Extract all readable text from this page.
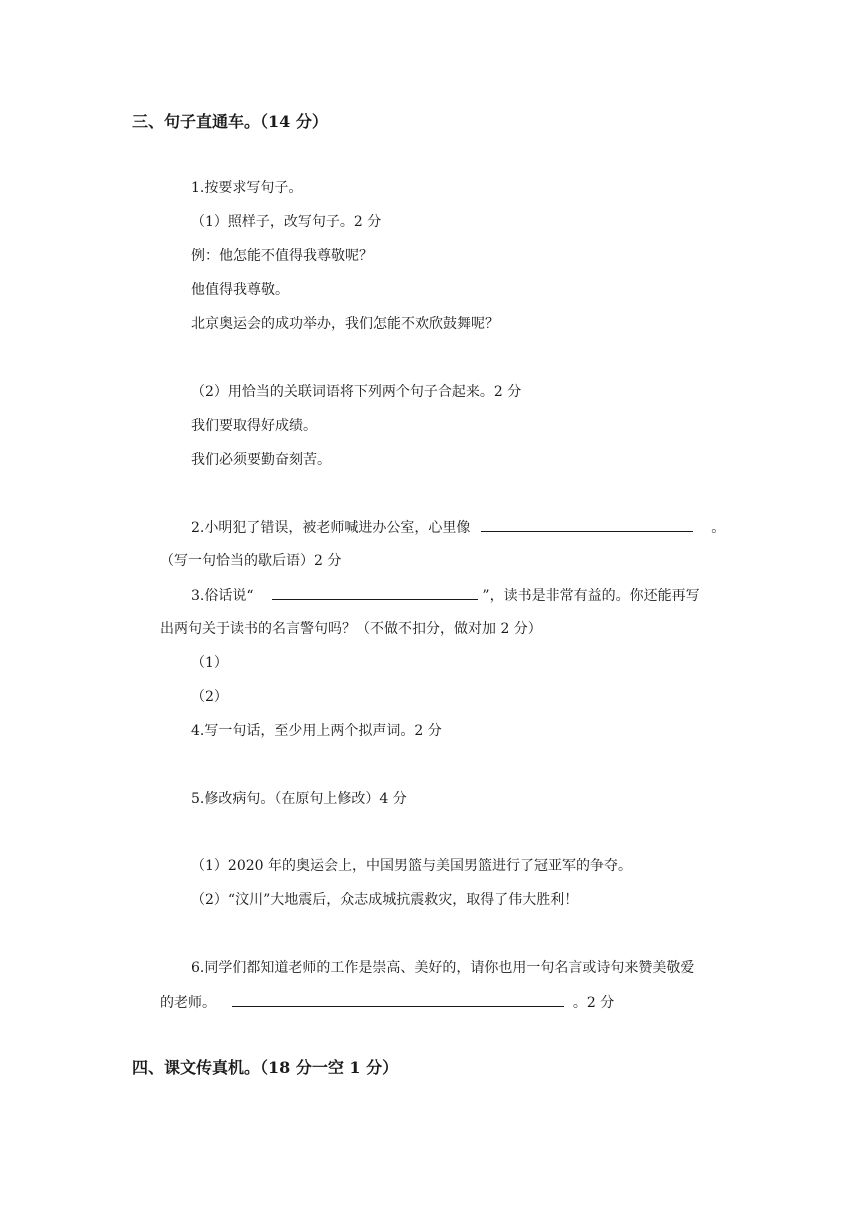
三、句子直通车。（14 分）
1.按要求写句子。
（1）照样子，改写句子。2 分
例：他怎能不值得我尊敬呢？
他值得我尊敬。
北京奥运会的成功举办，我们怎能不欢欣鼓舞呢？
（2）用恰当的关联词语将下列两个句子合起来。2 分
我们要取得好成绩。
我们必须要勤奋刻苦。
2.小明犯了错误，被老师喊进办公室，心里像	。
（写一句恰当的歇后语）2 分
3.俗话说“	”，读书是非常有益的。你还能再写
出两句关于读书的名言警句吗？（不做不扣分，做对加 2 分）
（1）
（2）
4.写一句话，至少用上两个拟声词。2 分
5.修改病句。（在原句上修改）4 分
（1）2020 年的奥运会上，中国男篮与美国男篮进行了冠亚军的争夺。
（2）“汶川”大地震后，众志成城抗震救灾，取得了伟大胜利！
6.同学们都知道老师的工作是崇高、美好的，请你也用一句名言或诗句来赞美敬爱
的老师。	。2 分
四、课文传真机。（18 分一空 1 分）
